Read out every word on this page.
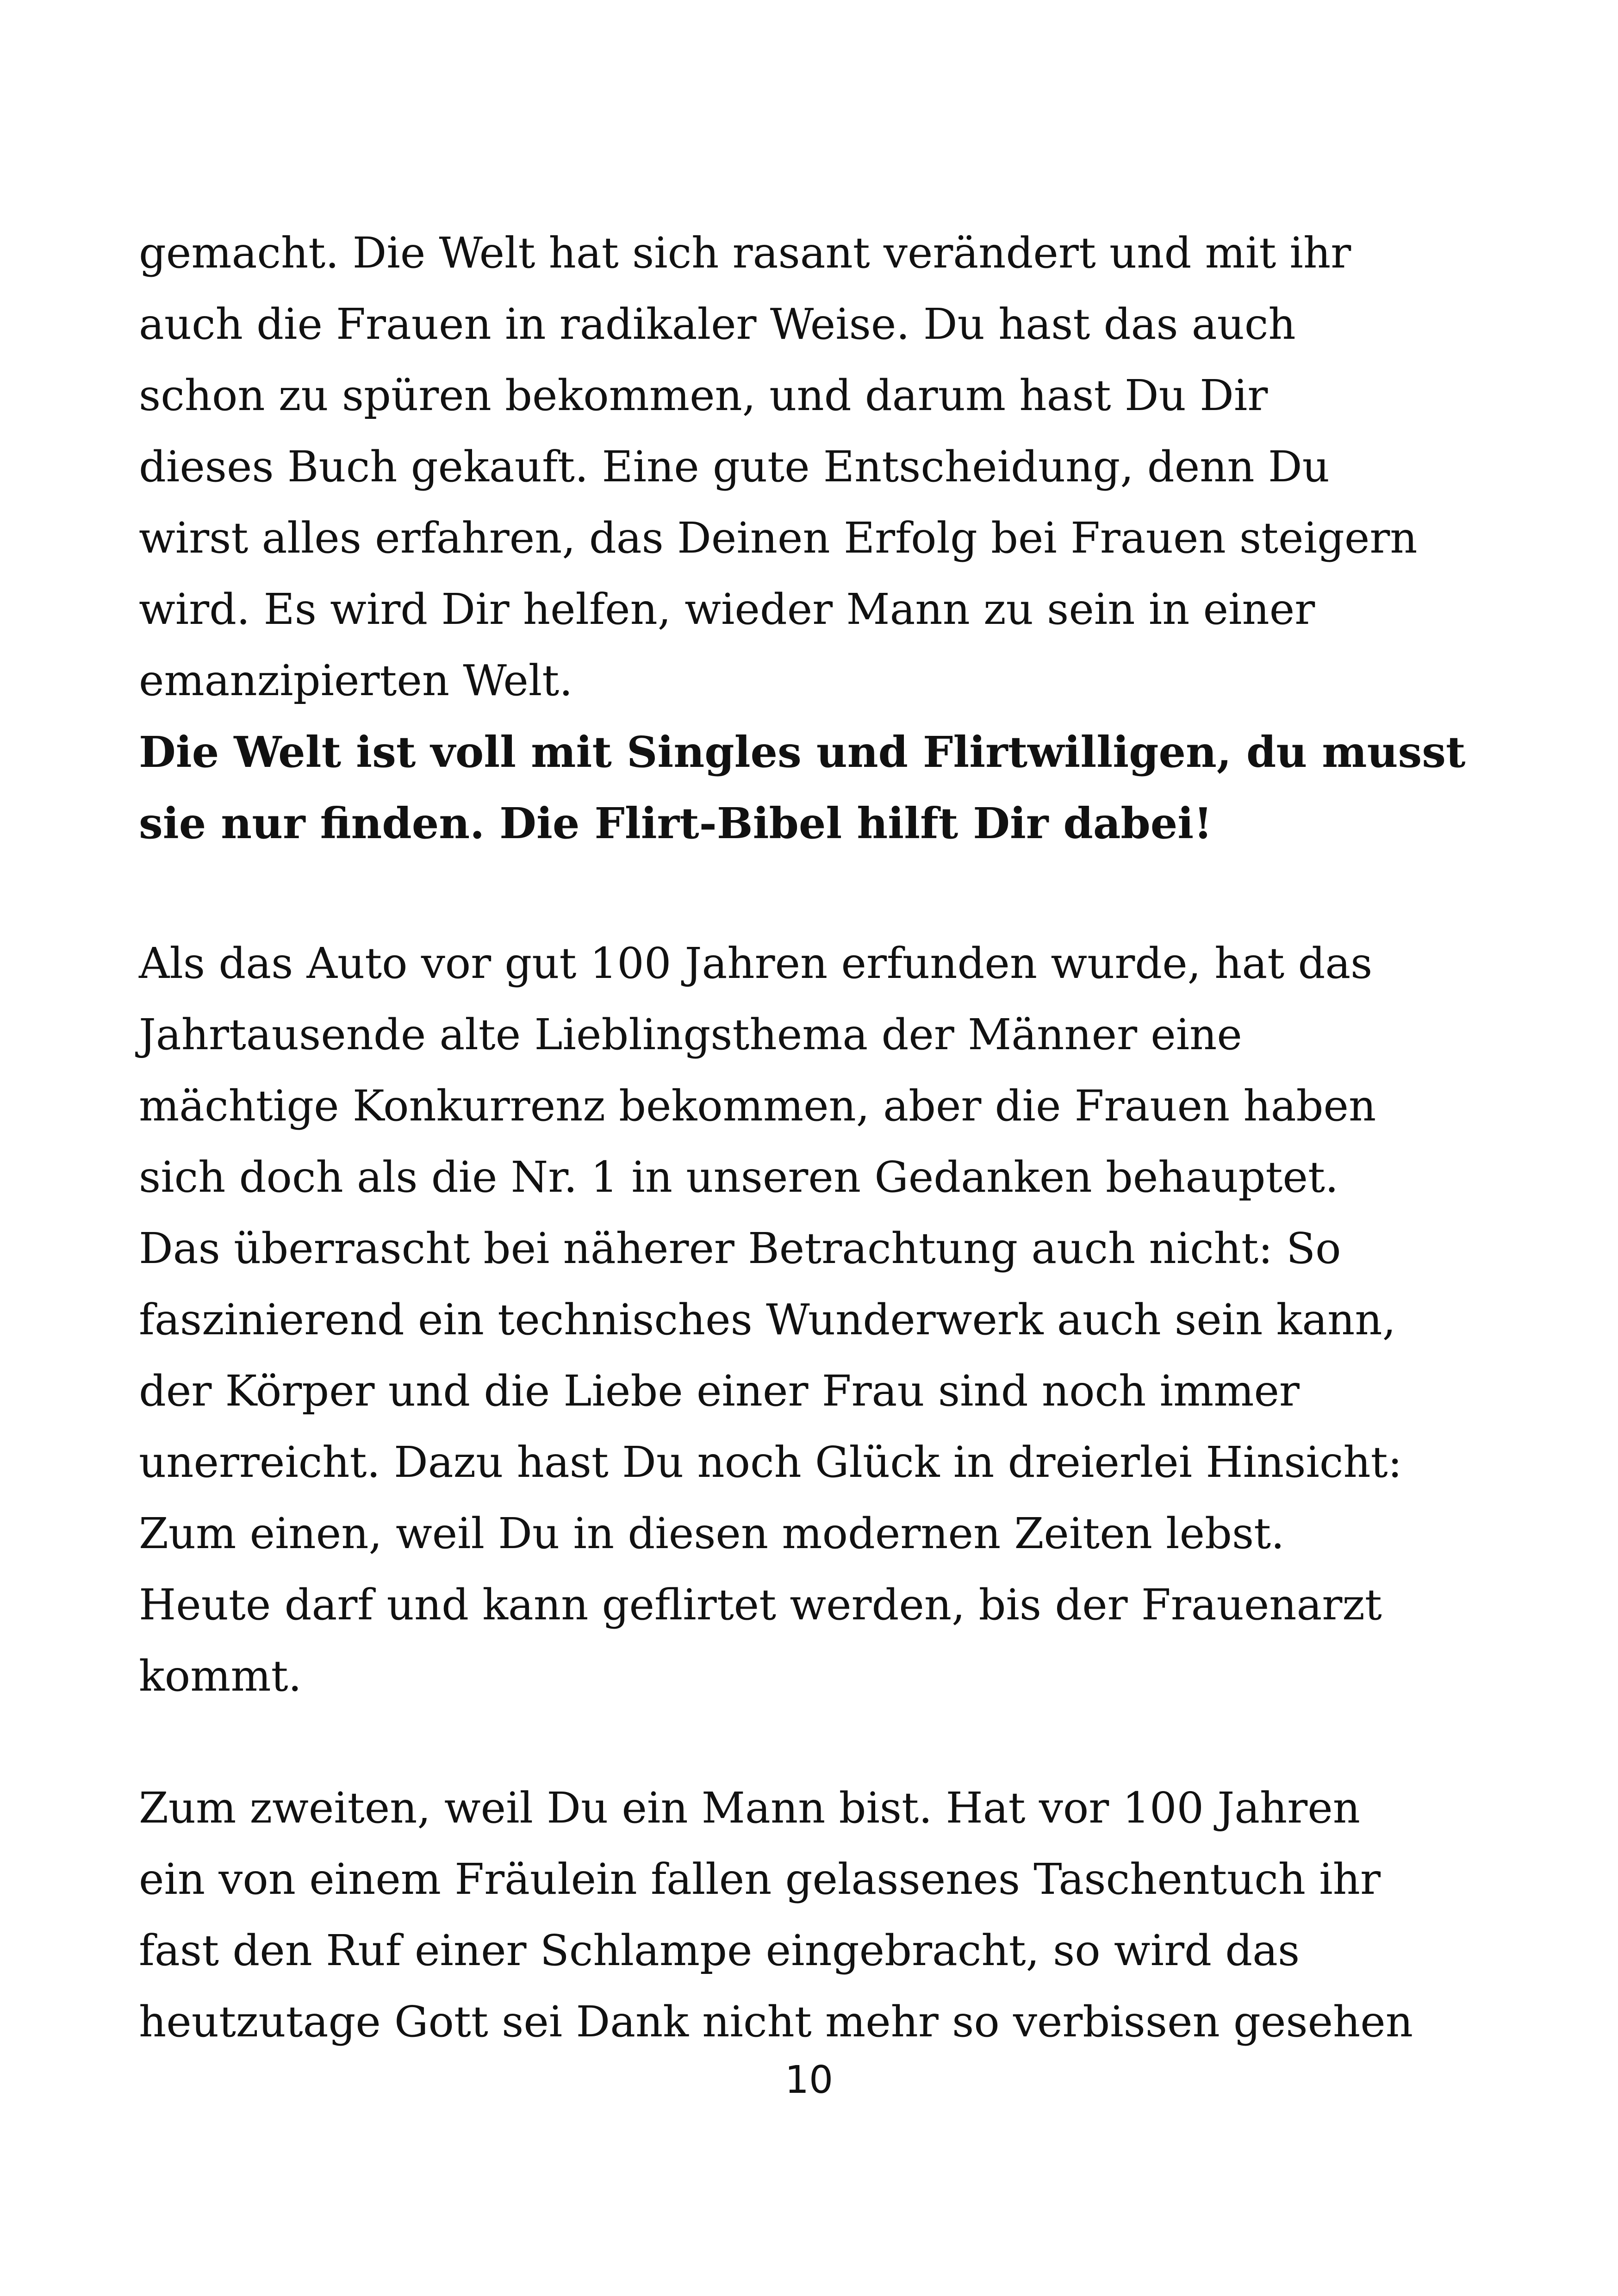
gemacht. Die Welt hat sich rasant verändert und mit ihr
auch die Frauen in radikaler Weise. Du hast das auch
schon zu spüren bekommen, und darum hast Du Dir
dieses Buch gekauft. Eine gute Entscheidung, denn Du
wirst alles erfahren, das Deinen Erfolg bei Frauen steigern
wird. Es wird Dir helfen, wieder Mann zu sein in einer
emanzipierten Welt.
Die Welt ist voll mit Singles und Flirtwilligen, du musst
sie nur finden. Die Flirt-Bibel hilft Dir dabei!
Als das Auto vor gut 100 Jahren erfunden wurde, hat das
Jahrtausende alte Lieblingsthema der Männer eine
mächtige Konkurrenz bekommen, aber die Frauen haben
sich doch als die Nr. 1 in unseren Gedanken behauptet.
Das überrascht bei näherer Betrachtung auch nicht: So
faszinierend ein technisches Wunderwerk auch sein kann,
der Körper und die Liebe einer Frau sind noch immer
unerreicht. Dazu hast Du noch Glück in dreierlei Hinsicht:
Zum einen, weil Du in diesen modernen Zeiten lebst.
Heute darf und kann geflirtet werden, bis der Frauenarzt
kommt.
Zum zweiten, weil Du ein Mann bist. Hat vor 100 Jahren
ein von einem Fräulein fallen gelassenes Taschentuch ihr
fast den Ruf einer Schlampe eingebracht, so wird das
heutzutage Gott sei Dank nicht mehr so verbissen gesehen
10
